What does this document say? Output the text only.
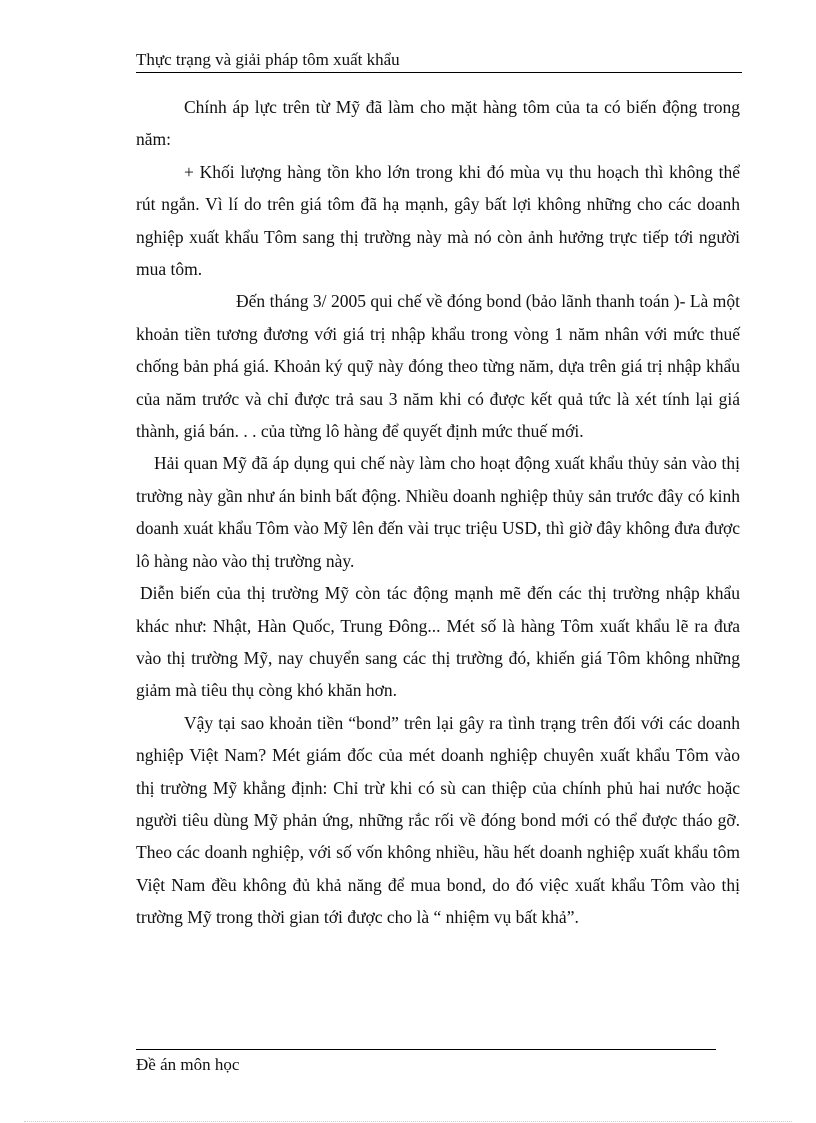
Thực trạng và giải pháp tôm xuất khẩu

Chính áp lực trên từ Mỹ đã làm cho mặt hàng tôm của ta có biến động trong năm:

+ Khối lượng hàng tồn kho lớn trong khi đó mùa vụ thu hoạch thì không thể rút ngắn. Vì lí do trên giá tôm đã hạ mạnh, gây bất lợi không những cho các doanh nghiệp xuất khẩu Tôm sang thị trường này mà nó còn ảnh hưởng trực tiếp tới người mua tôm.

Đến tháng 3/ 2005 qui chế về đóng bond (bảo lãnh thanh toán )- Là một khoản tiền tương đương với giá trị nhập khẩu trong vòng 1 năm nhân với mức thuế chống bản phá giá. Khoản ký quỹ này đóng theo từng năm, dựa trên giá trị nhập khẩu của năm trước và chỉ được trả sau 3 năm khi có được kết quả tức là xét tính lại giá thành, giá bán. . . của từng lô hàng để quyết định mức thuế mới.

Hải quan Mỹ đã áp dụng qui chế này làm cho hoạt động xuất khẩu thủy sản vào thị trường này gần như án binh bất động. Nhiều doanh nghiệp thủy sản trước đây có kinh doanh xuát khẩu Tôm vào Mỹ lên đến vài trục triệu USD, thì giờ đây không đưa được lô hàng nào vào thị trường này.

Diễn biến của thị trường Mỹ còn tác động mạnh mẽ đến các thị trường nhập khẩu khác như: Nhật, Hàn Quốc, Trung Đông... Mét số là hàng Tôm xuất khẩu lẽ ra đưa vào thị trường Mỹ, nay chuyển sang các thị trường đó, khiến giá Tôm không những giảm mà tiêu thụ còng khó khăn hơn.

Vậy tại sao khoản tiền “bond” trên lại gây ra tình trạng trên đối với các doanh nghiệp Việt Nam? Mét giám đốc của mét doanh nghiệp chuyên xuất khẩu Tôm vào thị trường Mỹ khẳng định: Chỉ trừ khi có sù can thiệp của chính phủ hai nước hoặc người tiêu dùng Mỹ phản ứng, những rắc rối về đóng bond mới có thể được tháo gỡ. Theo các doanh nghiệp, với số vốn không nhiều, hầu hết doanh nghiệp xuất khẩu tôm Việt Nam đều không đủ khả năng để mua bond, do đó việc xuất khẩu Tôm vào thị trường Mỹ trong thời gian tới được cho là “ nhiệm vụ bất khả”.

Đề án môn học
